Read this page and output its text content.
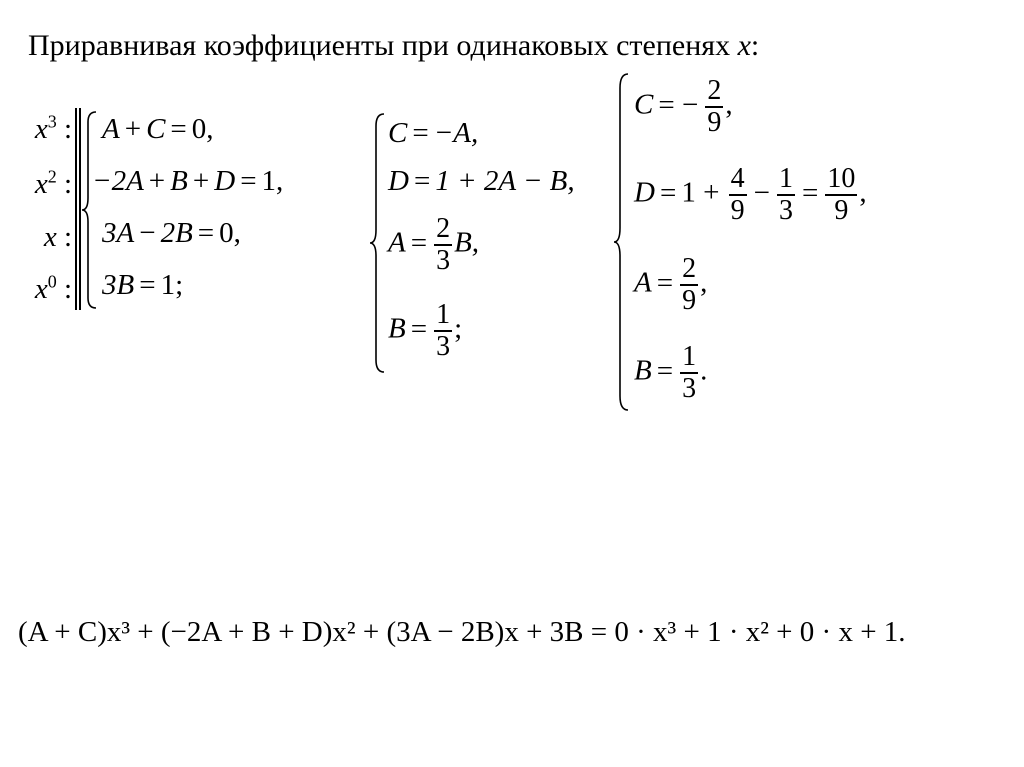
Приравнивая коэффициенты при одинаковых степенях x:
$x^3$ :
$x^2$ :
x :
$x^0$ :
A + C = 0,
−2A + B + D = 1,
3A − 2B = 0,
3B = 1;
C = −A,
D = 1 + 2A − B,
$A = \frac{2}{3} B$,
$B = \frac{1}{3}$ ;
C = − $\frac{2}{9}$ ,
$D = 1 + \frac{4}{9} - \frac{1}{3} = \frac{10}{9}$ ,
$A = \frac{2}{9}$ ,
$B = \frac{1}{3}$ .
(A + C)x³ + (−2A + B + D)x² + (3A − 2B)x + 3B = 0 · x³ + 1 · x² + 0 · x + 1.
